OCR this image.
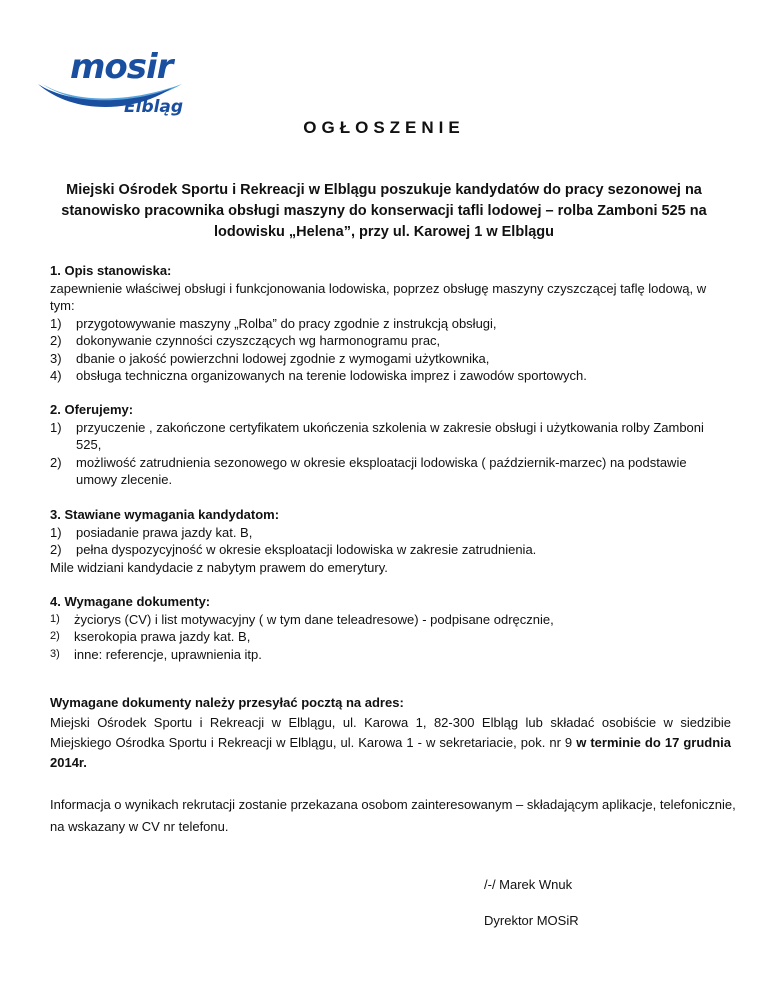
mosir
Elbląg
OGŁOSZENIE
Miejski Ośrodek Sportu i Rekreacji w Elblągu poszukuje kandydatów do pracy sezonowej na stanowisko pracownika obsługi maszyny do konserwacji tafli lodowej – rolba Zamboni 525 na lodowisku „Helena”, przy ul. Karowej 1 w Elblągu
1. Opis stanowiska:
zapewnienie właściwej obsługi i funkcjonowania lodowiska, poprzez obsługę maszyny czyszczącej taflę lodową, w tym:
1) przygotowywanie maszyny „Rolba” do pracy zgodnie z instrukcją obsługi,
2) dokonywanie czynności czyszczących wg harmonogramu prac,
3) dbanie o jakość powierzchni lodowej zgodnie z wymogami użytkownika,
4) obsługa techniczna organizowanych na terenie lodowiska imprez i zawodów sportowych.
2. Oferujemy:
1) przyuczenie , zakończone certyfikatem ukończenia szkolenia w zakresie obsługi i użytkowania rolby Zamboni 525,
2) możliwość zatrudnienia sezonowego w okresie eksploatacji lodowiska ( październik-marzec) na podstawie umowy zlecenie.
3. Stawiane wymagania kandydatom:
1) posiadanie prawa jazdy kat. B,
2) pełna dyspozycyjność w okresie eksploatacji lodowiska w zakresie zatrudnienia.
Mile widziani kandydacie z nabytym prawem do emerytury.
4. Wymagane dokumenty:
1) życiorys (CV) i list motywacyjny ( w tym dane teleadresowe) - podpisane odręcznie,
2) kserokopia prawa jazdy kat. B,
3) inne: referencje, uprawnienia itp.
Wymagane dokumenty należy przesyłać pocztą na adres:
Miejski Ośrodek Sportu i Rekreacji w Elblągu, ul. Karowa 1, 82-300 Elbląg lub składać osobiście w siedzibie Miejskiego Ośrodka Sportu i Rekreacji w Elblągu, ul. Karowa 1 - w sekretariacie, pok. nr 9 w terminie do 17 grudnia 2014r.
Informacja o wynikach rekrutacji zostanie przekazana osobom zainteresowanym – składającym aplikacje, telefonicznie, na wskazany w CV nr telefonu.
/-/ Marek Wnuk
Dyrektor MOSiR
